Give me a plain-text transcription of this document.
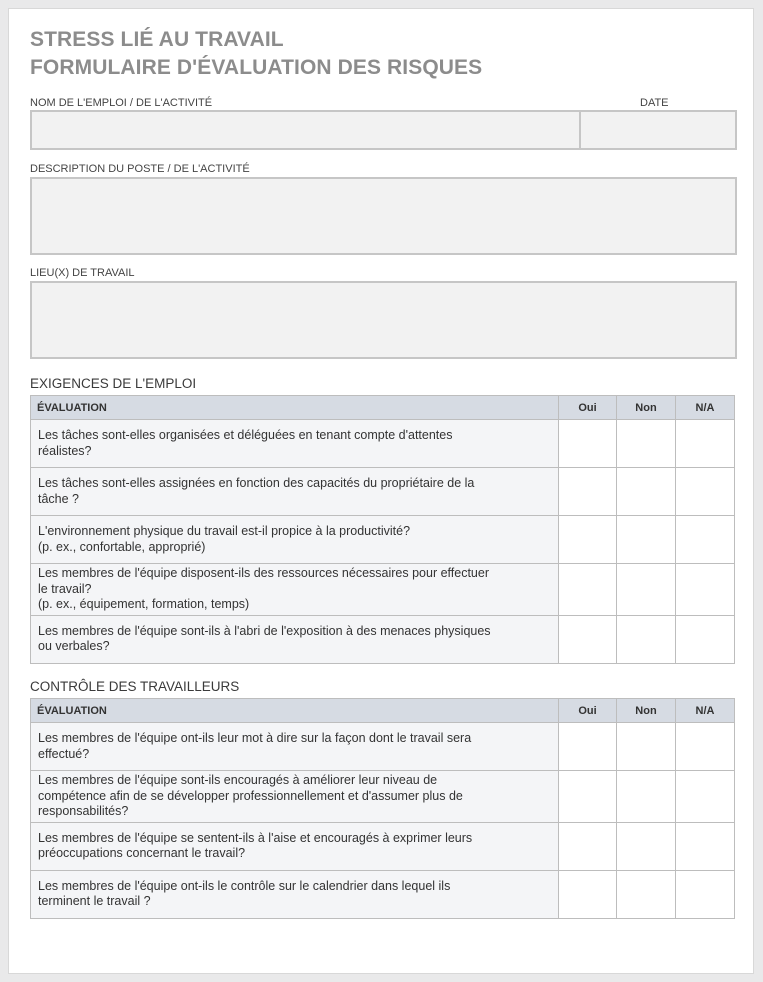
STRESS LIÉ AU TRAVAIL
FORMULAIRE D'ÉVALUATION DES RISQUES
NOM DE L'EMPLOI / DE L'ACTIVITÉ	DATE
DESCRIPTION DU POSTE / DE L'ACTIVITÉ
LIEU(X) DE TRAVAIL
EXIGENCES DE L'EMPLOI
ÉVALUATION	Oui	Non	N/A

Les tâches sont-elles organisées et déléguées en tenant compte d'attentes
réalistes?			

Les tâches sont-elles assignées en fonction des capacités du propriétaire de la
tâche ?			

L'environnement physique du travail est-il propice à la productivité?
(p. ex., confortable, approprié)			

Les membres de l'équipe disposent-ils des ressources nécessaires pour effectuer
le travail?
(p. ex., équipement, formation, temps)			

Les membres de l'équipe sont-ils à l'abri de l'exposition à des menaces physiques
ou verbales?			

CONTRÔLE DES TRAVAILLEURS
ÉVALUATION	Oui	Non	N/A

Les membres de l'équipe ont-ils leur mot à dire sur la façon dont le travail sera
effectué?			

Les membres de l'équipe sont-ils encouragés à améliorer leur niveau de
compétence afin de se développer professionnellement et d'assumer plus de
responsabilités?			

Les membres de l'équipe se sentent-ils à l'aise et encouragés à exprimer leurs
préoccupations concernant le travail?			

Les membres de l'équipe ont-ils le contrôle sur le calendrier dans lequel ils
terminent le travail ?			
